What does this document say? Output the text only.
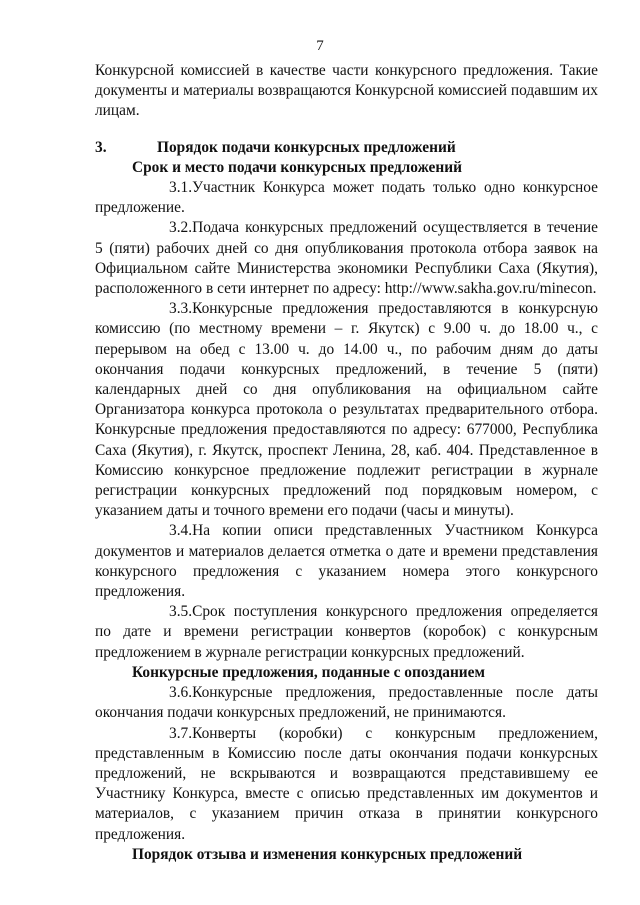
7

Конкурсной комиссией в качестве части конкурсного предложения. Такие документы и материалы возвращаются Конкурсной комиссией подавшим их лицам.

3.	Порядок подачи конкурсных предложений

Срок и место подачи конкурсных предложений

3.1.Участник Конкурса может подать только одно конкурсное предложение.

3.2.Подача конкурсных предложений осуществляется в течение 5 (пяти) рабочих дней со дня опубликования протокола отбора заявок на Официальном сайте Министерства экономики Республики Саха (Якутия), расположенного в сети интернет по адресу: http://www.sakha.gov.ru/minecon.

3.3.Конкурсные предложения предоставляются в конкурсную комиссию (по местному времени – г. Якутск) с 9.00 ч. до 18.00 ч., с перерывом на обед с 13.00 ч. до 14.00 ч., по рабочим дням до даты окончания подачи конкурсных предложений, в течение 5 (пяти) календарных дней со дня опубликования на официальном сайте Организатора конкурса протокола о результатах предварительного отбора. Конкурсные предложения предоставляются по адресу: 677000, Республика Саха (Якутия), г. Якутск, проспект Ленина, 28, каб. 404. Представленное в Комиссию конкурсное предложение подлежит регистрации в журнале регистрации конкурсных предложений под порядковым номером, с указанием даты и точного времени его подачи (часы и минуты).

3.4.На копии описи представленных Участником Конкурса документов и материалов делается отметка о дате и времени представления конкурсного предложения с указанием номера этого конкурсного предложения.

3.5.Срок поступления конкурсного предложения определяется по дате и времени регистрации конвертов (коробок) с конкурсным предложением в журнале регистрации конкурсных предложений.

Конкурсные предложения, поданные с опозданием

3.6.Конкурсные предложения, предоставленные после даты окончания подачи конкурсных предложений, не принимаются.

3.7.Конверты (коробки) с конкурсным предложением, представленным в Комиссию после даты окончания подачи конкурсных предложений, не вскрываются и возвращаются представившему ее Участнику Конкурса, вместе с описью представленных им документов и материалов, с указанием причин отказа в принятии конкурсного предложения.

Порядок отзыва и изменения конкурсных предложений
